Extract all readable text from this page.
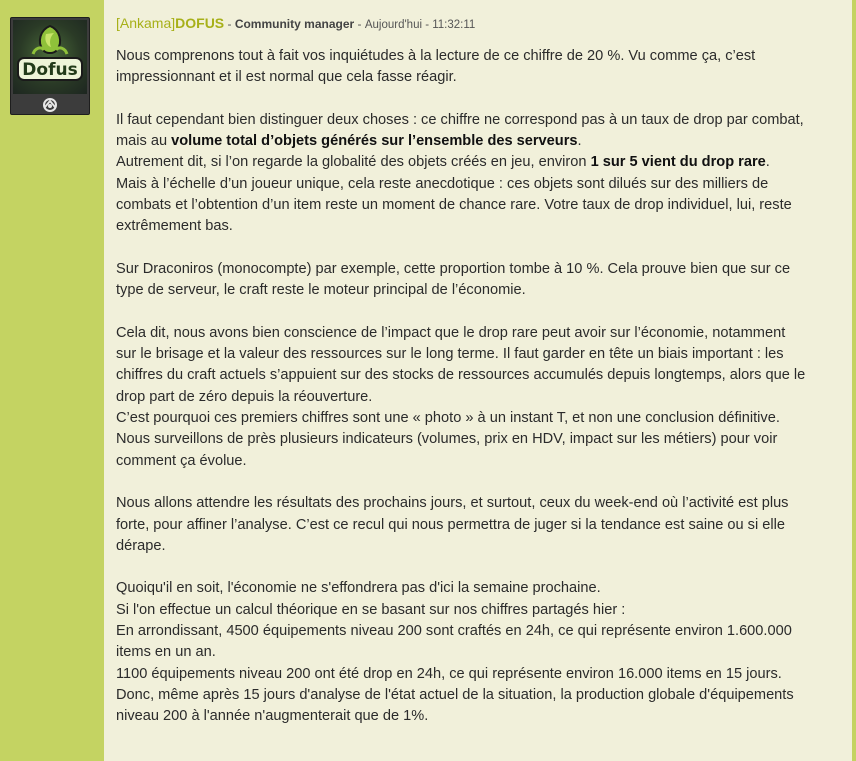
Dofus
[Ankama]DOFUS - Community manager - Aujourd'hui - 11:32:11

Nous comprenons tout à fait vos inquiétudes à la lecture de ce chiffre de 20 %. Vu comme ça, c’est impressionnant et il est normal que cela fasse réagir.

Il faut cependant bien distinguer deux choses : ce chiffre ne correspond pas à un taux de drop par combat, mais au volume total d’objets générés sur l’ensemble des serveurs.
Autrement dit, si l’on regarde la globalité des objets créés en jeu, environ 1 sur 5 vient du drop rare.
Mais à l’échelle d’un joueur unique, cela reste anecdotique : ces objets sont dilués sur des milliers de combats et l’obtention d’un item reste un moment de chance rare. Votre taux de drop individuel, lui, reste extrêmement bas.

Sur Draconiros (monocompte) par exemple, cette proportion tombe à 10 %. Cela prouve bien que sur ce type de serveur, le craft reste le moteur principal de l’économie.

Cela dit, nous avons bien conscience de l’impact que le drop rare peut avoir sur l’économie, notamment sur le brisage et la valeur des ressources sur le long terme. Il faut garder en tête un biais important : les chiffres du craft actuels s’appuient sur des stocks de ressources accumulés depuis longtemps, alors que le drop part de zéro depuis la réouverture.
C’est pourquoi ces premiers chiffres sont une « photo » à un instant T, et non une conclusion définitive. Nous surveillons de près plusieurs indicateurs (volumes, prix en HDV, impact sur les métiers) pour voir comment ça évolue.

Nous allons attendre les résultats des prochains jours, et surtout, ceux du week-end où l’activité est plus forte, pour affiner l’analyse. C’est ce recul qui nous permettra de juger si la tendance est saine ou si elle dérape.

Quoiqu'il en soit, l'économie ne s'effondrera pas d'ici la semaine prochaine.
Si l'on effectue un calcul théorique en se basant sur nos chiffres partagés hier :
En arrondissant, 4500 équipements niveau 200 sont craftés en 24h, ce qui représente environ 1.600.000 items en un an.
1100 équipements niveau 200 ont été drop en 24h, ce qui représente environ 16.000 items en 15 jours.
Donc, même après 15 jours d'analyse de l'état actuel de la situation, la production globale d'équipements niveau 200 à l'année n'augmenterait que de 1%.
